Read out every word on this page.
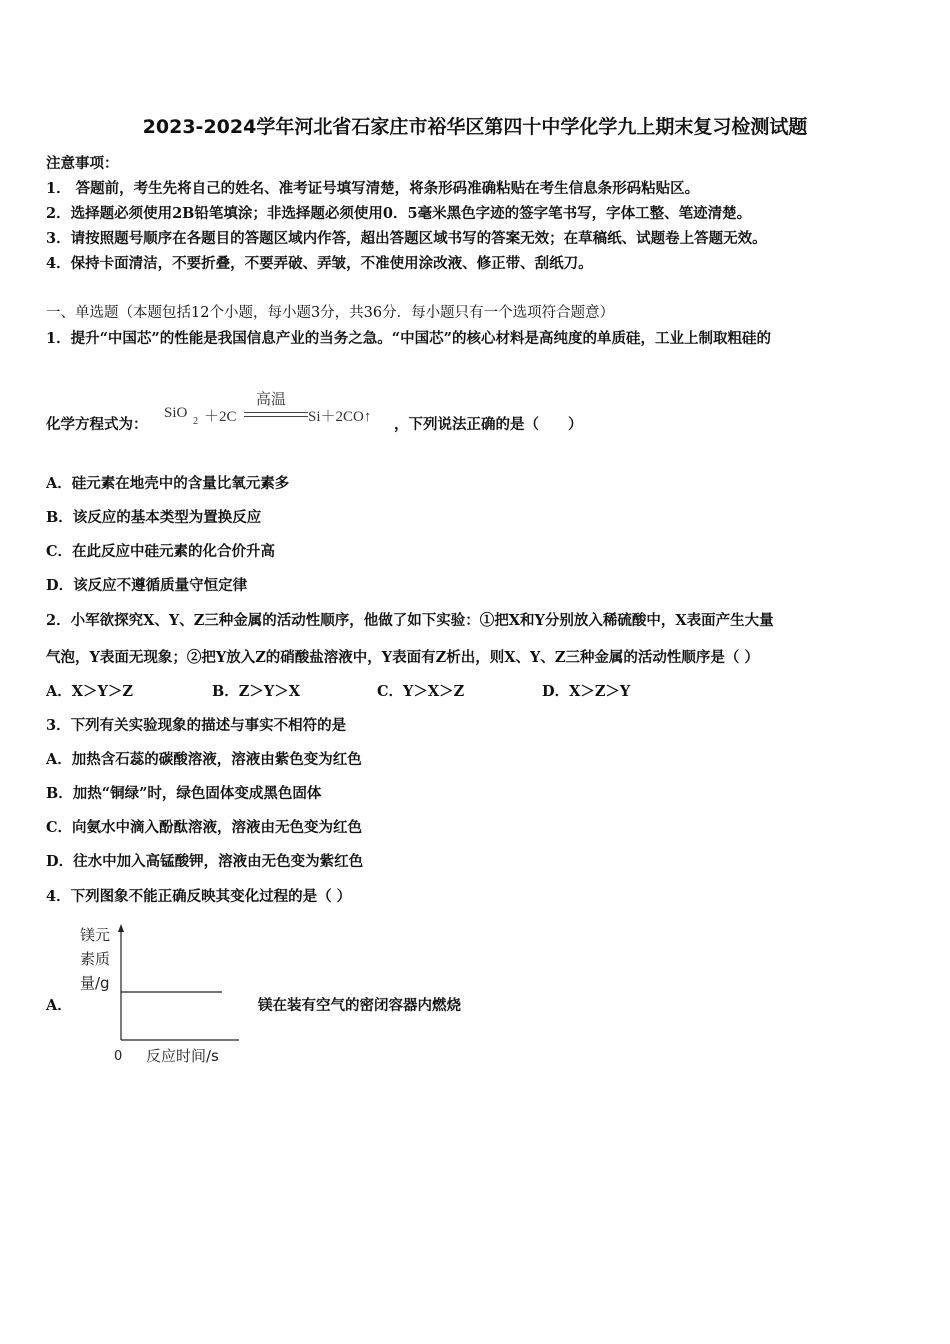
2023-2024学年河北省石家庄市裕华区第四十中学化学九上期末复习检测试题
注意事项：
1． 答题前，考生先将自己的姓名、准考证号填写清楚，将条形码准确粘贴在考生信息条形码粘贴区。
2．选择题必须使用2B铅笔填涂；非选择题必须使用0．5毫米黑色字迹的签字笔书写，字体工整、笔迹清楚。
3．请按照题号顺序在各题目的答题区域内作答，超出答题区域书写的答案无效；在草稿纸、试题卷上答题无效。
4．保持卡面清洁，不要折叠，不要弄破、弄皱，不准使用涂改液、修正带、刮纸刀。
一、单选题（本题包括12个小题，每小题3分，共36分．每小题只有一个选项符合题意）
1．提升“中国芯”的性能是我国信息产业的当务之急。“中国芯”的核心材料是高纯度的单质硅，工业上制取粗硅的
化学方程式为：
SiO
2 ＋2C
高温
Si＋2CO↑ ，下列说法正确的是（　　）
A．硅元素在地壳中的含量比氧元素多
B．该反应的基本类型为置换反应
C．在此反应中硅元素的化合价升高
D．该反应不遵循质量守恒定律
2．小军欲探究X、Y、Z三种金属的活动性顺序，他做了如下实验：①把X和Y分别放入稀硫酸中，X表面产生大量
气泡，Y表面无现象；②把Y放入Z的硝酸盐溶液中，Y表面有Z析出，则X、Y、Z三种金属的活动性顺序是（ ）
A．X＞Y＞Z	B．Z＞Y＞X	C．Y＞X＞Z	D．X＞Z＞Y
3．下列有关实验现象的描述与事实不相符的是
A．加热含石蕊的碳酸溶液，溶液由紫色变为红色
B．加热“铜绿”时，绿色固体变成黑色固体
C．向氨水中滴入酚酞溶液，溶液由无色变为红色
D．往水中加入高锰酸钾，溶液由无色变为紫红色
4．下列图象不能正确反映其变化过程的是（ ）
A．	镁在装有空气的密闭容器内燃烧
镁元
素质
量/g
0 反应时间/s
